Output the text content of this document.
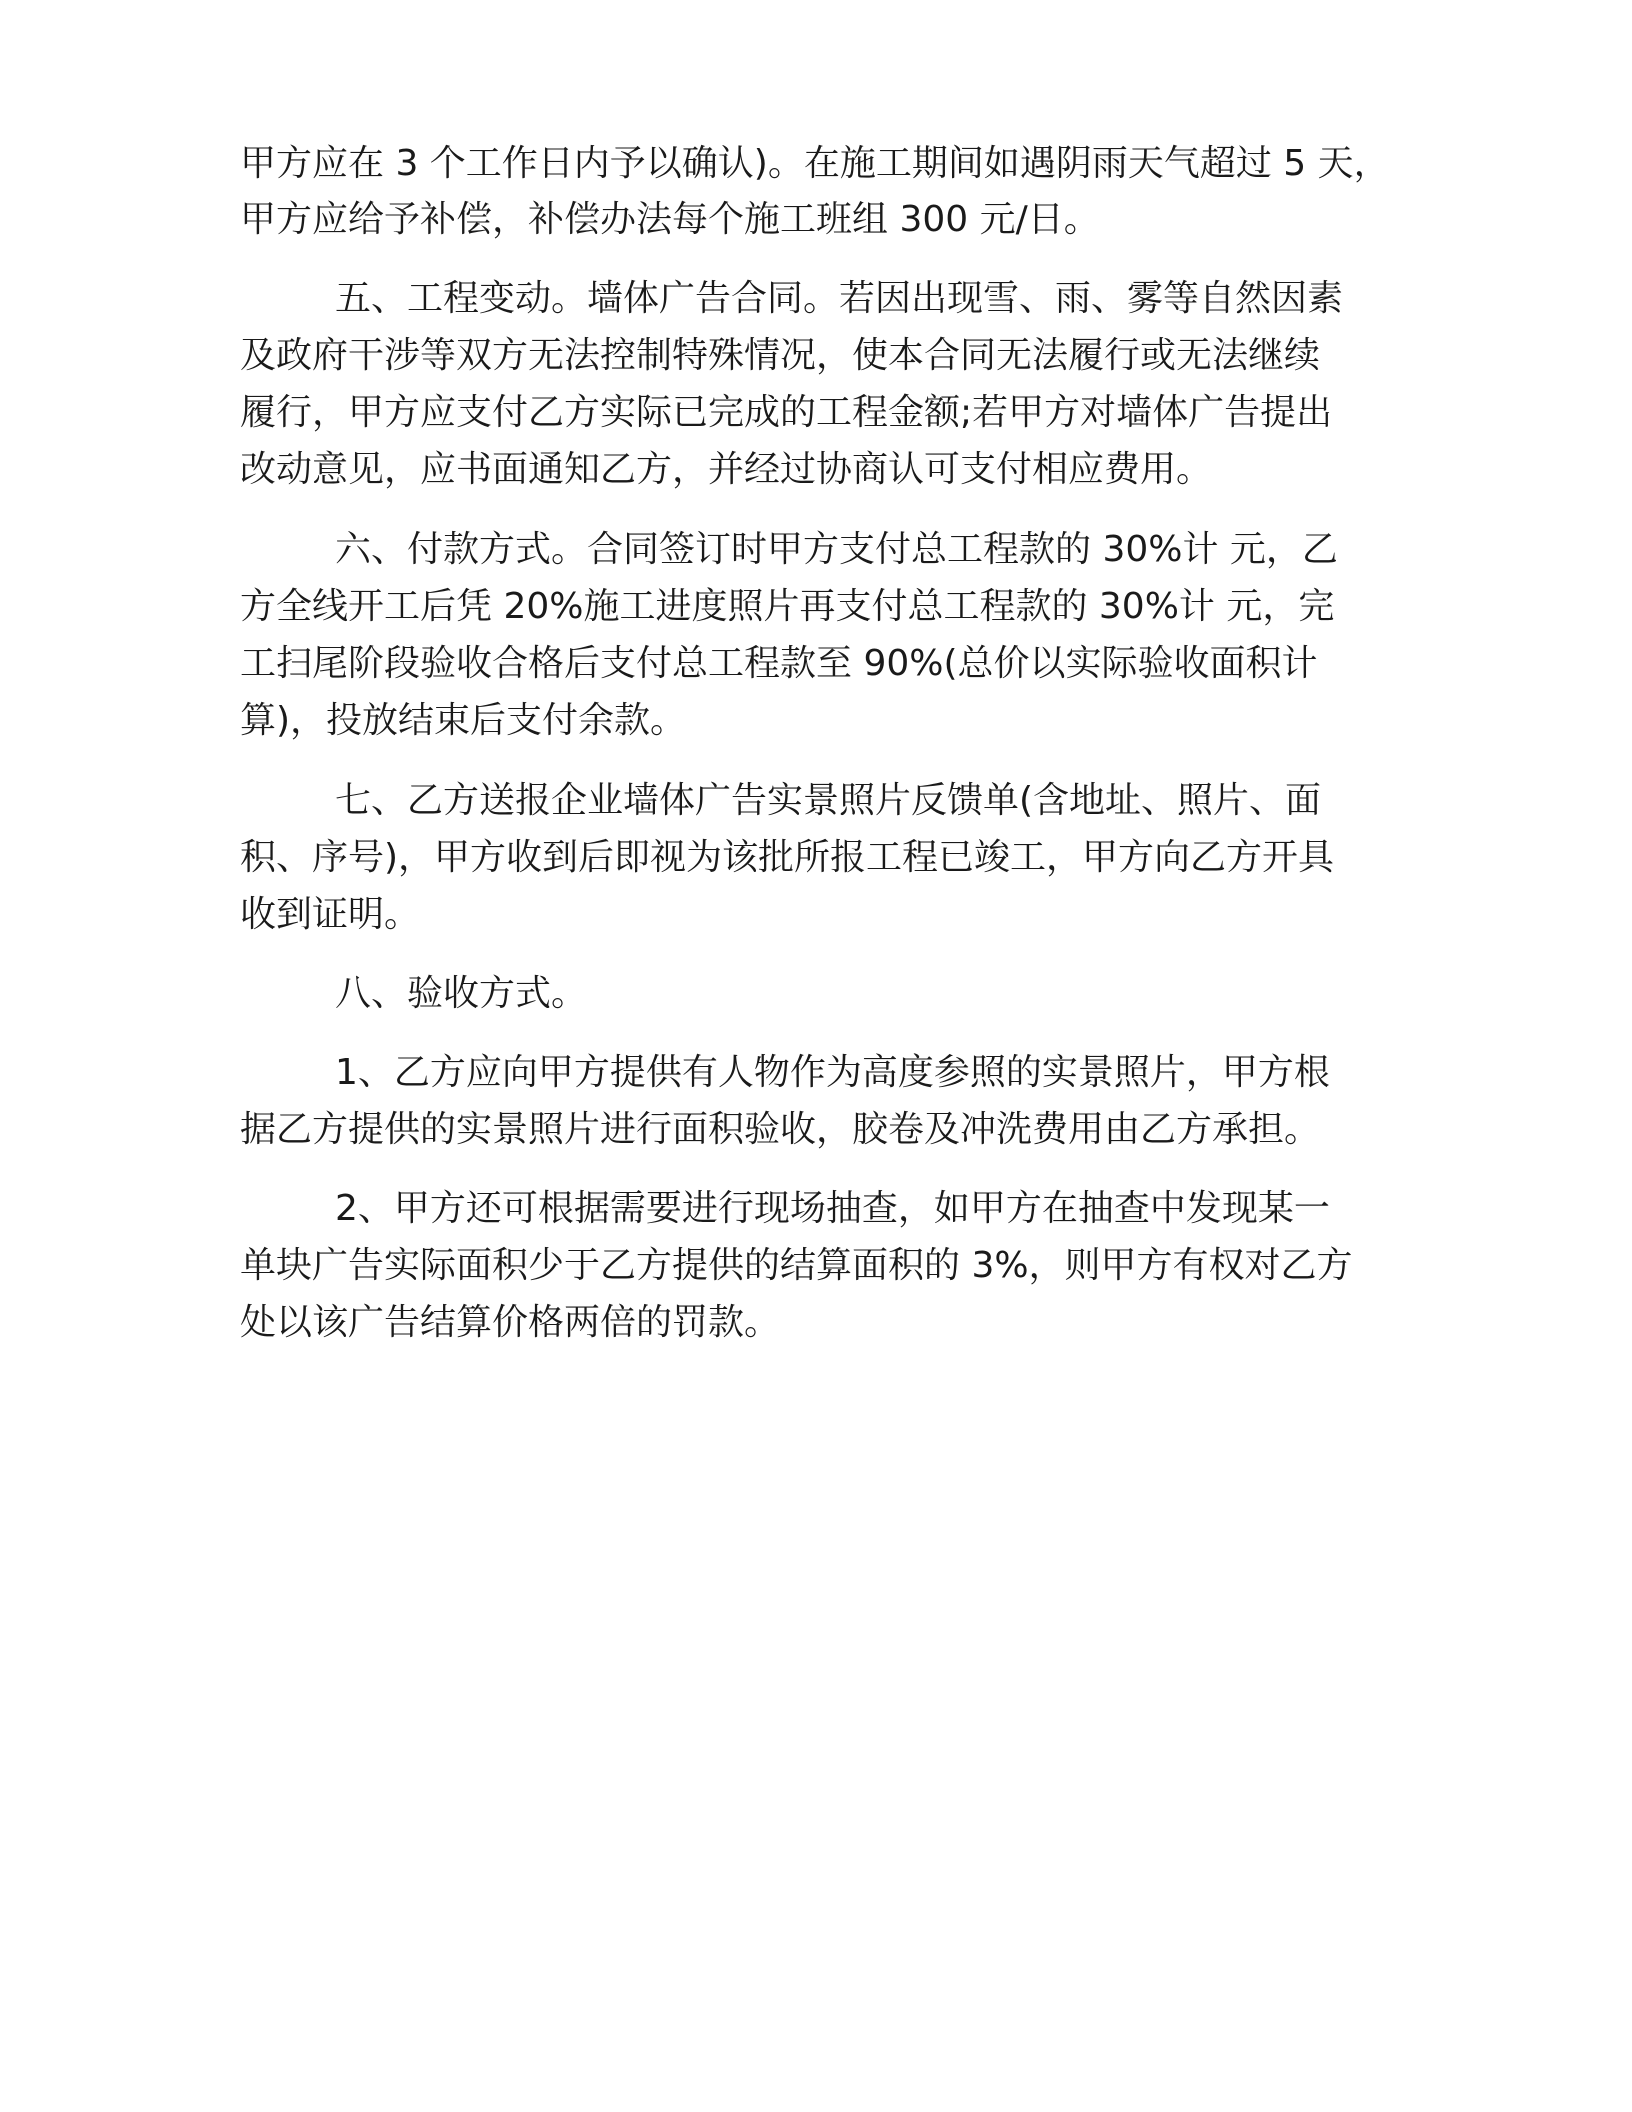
甲方应在 3 个工作日内予以确认)。在施工期间如遇阴雨天气超过 5 天，
甲方应给予补偿，补偿办法每个施工班组 300 元/日。
五、工程变动。墙体广告合同。若因出现雪、雨、雾等自然因素
及政府干涉等双方无法控制特殊情况，使本合同无法履行或无法继续
履行，甲方应支付乙方实际已完成的工程金额;若甲方对墙体广告提出
改动意见，应书面通知乙方，并经过协商认可支付相应费用。
六、付款方式。合同签订时甲方支付总工程款的 30%计 元，乙
方全线开工后凭 20%施工进度照片再支付总工程款的 30%计 元，完
工扫尾阶段验收合格后支付总工程款至 90%(总价以实际验收面积计
算)，投放结束后支付余款。
七、乙方送报企业墙体广告实景照片反馈单(含地址、照片、面
积、序号)，甲方收到后即视为该批所报工程已竣工，甲方向乙方开具
收到证明。
八、验收方式。
1、乙方应向甲方提供有人物作为高度参照的实景照片，甲方根
据乙方提供的实景照片进行面积验收，胶卷及冲洗费用由乙方承担。
2、甲方还可根据需要进行现场抽查，如甲方在抽查中发现某一
单块广告实际面积少于乙方提供的结算面积的 3%，则甲方有权对乙方
处以该广告结算价格两倍的罚款。
